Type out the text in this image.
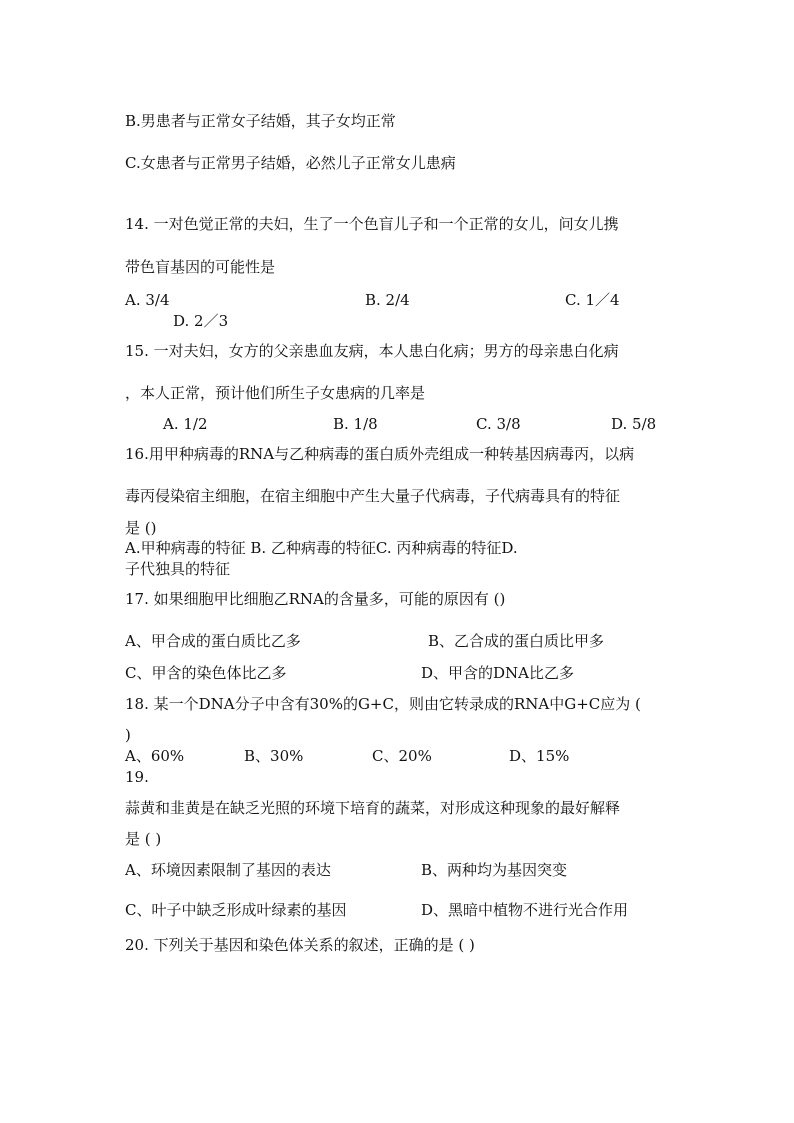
B.男患者与正常女子结婚，其子女均正常
C.女患者与正常男子结婚，必然儿子正常女儿患病
14. 一对色觉正常的夫妇，生了一个色盲儿子和一个正常的女儿，问女儿携
带色盲基因的可能性是
A. 3/4	B. 2/4	C. 1／4
D. 2／3
15. 一对夫妇，女方的父亲患血友病，本人患白化病；男方的母亲患白化病
，本人正常，预计他们所生子女患病的几率是
A. 1/2	B. 1/8	C. 3/8	D. 5/8
16.用甲种病毒的RNA与乙种病毒的蛋白质外壳组成一种转基因病毒丙，以病
毒丙侵染宿主细胞，在宿主细胞中产生大量子代病毒，子代病毒具有的特征
是 ()
A.甲种病毒的特征 B. 乙种病毒的特征C. 丙种病毒的特征D.
子代独具的特征
17. 如果细胞甲比细胞乙RNA的含量多，可能的原因有 ()
A、甲合成的蛋白质比乙多	B、乙合成的蛋白质比甲多
C、甲含的染色体比乙多	D、甲含的DNA比乙多
18. 某一个DNA分子中含有30%的G+C，则由它转录成的RNA中G+C应为 (
)
A、60%	B、30%	C、20%	D、15%
19.
蒜黄和韭黄是在缺乏光照的环境下培育的蔬菜，对形成这种现象的最好解释
是 ( )
A、环境因素限制了基因的表达	B、两种均为基因突变
C、叶子中缺乏形成叶绿素的基因	D、黑暗中植物不进行光合作用
20. 下列关于基因和染色体关系的叙述，正确的是 ( )
